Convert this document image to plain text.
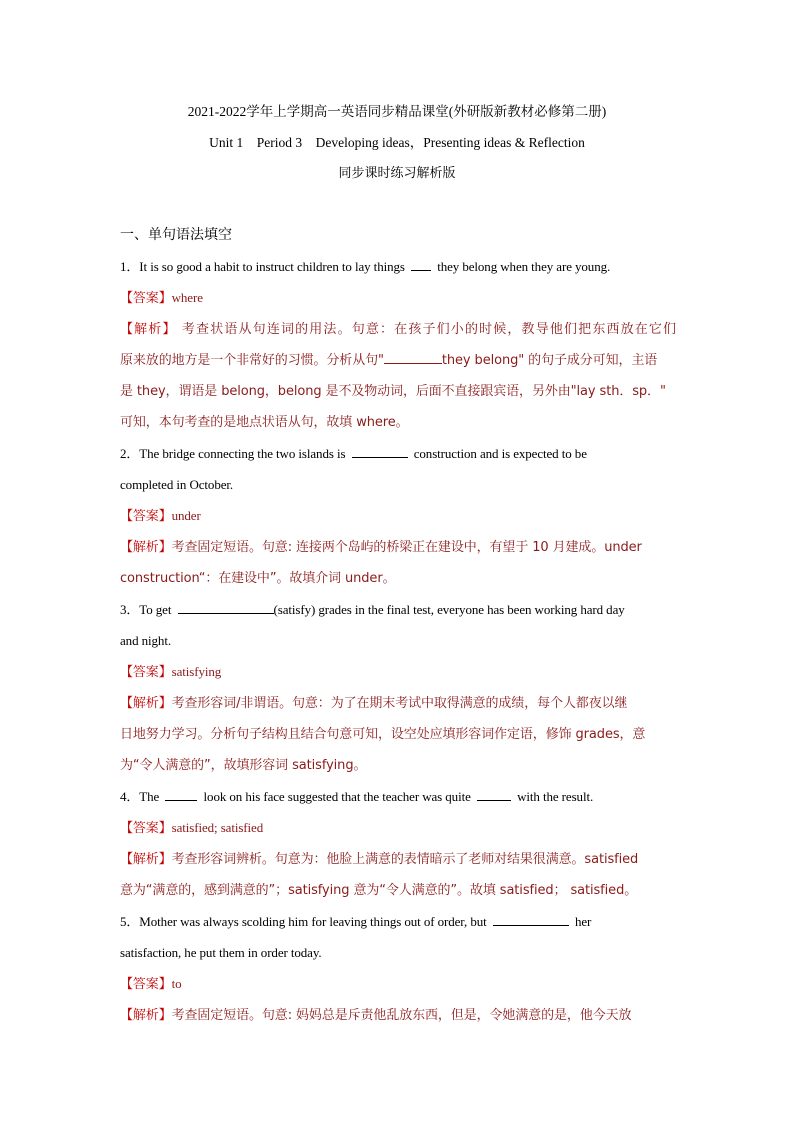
2021-2022学年上学期高一英语同步精品课堂(外研版新教材必修第二册)
Unit 1    Period 3    Developing ideas，Presenting ideas & Reflection
同步课时练习解析版
一、单句语法填空
1．It is so good a habit to instruct children to lay things they belong when they are young.
【答案】where
【解析】 考查状语从句连词的用法。句意：在孩子们小的时候，教导他们把东西放在它们
原来放的地方是一个非常好的习惯。分析从句"	they belong" 的句子成分可知，主语
是 they，谓语是 belong，belong 是不及物动词，后面不直接跟宾语，另外由"lay sth．sp．"
可知，本句考查的是地点状语从句，故填 where。
2．The bridge connecting the two islands is	construction and is expected to be
completed in October.
【答案】under
【解析】考查固定短语。句意: 连接两个岛屿的桥梁正在建设中，有望于 10 月建成。under
construction“：在建设中”。故填介词 under。
3．To get	(satisfy) grades in the final test, everyone has been working hard day
and night.
【答案】satisfying
【解析】考查形容词/非谓语。句意：为了在期末考试中取得满意的成绩，每个人都夜以继
日地努力学习。分析句子结构且结合句意可知，设空处应填形容词作定语，修饰 grades，意
为“令人满意的”，故填形容词 satisfying。
4．The	look on his face suggested that the teacher was quite	with the result.
【答案】satisfied; satisfied
【解析】考查形容词辨析。句意为：他脸上满意的表情暗示了老师对结果很满意。satisfied
意为“满意的，感到满意的”；satisfying 意为“令人满意的”。故填 satisfied； satisfied。
5．Mother was always scolding him for leaving things out of order, but	her
satisfaction, he put them in order today.
【答案】to
【解析】考查固定短语。句意: 妈妈总是斥责他乱放东西，但是，令她满意的是，他今天放
